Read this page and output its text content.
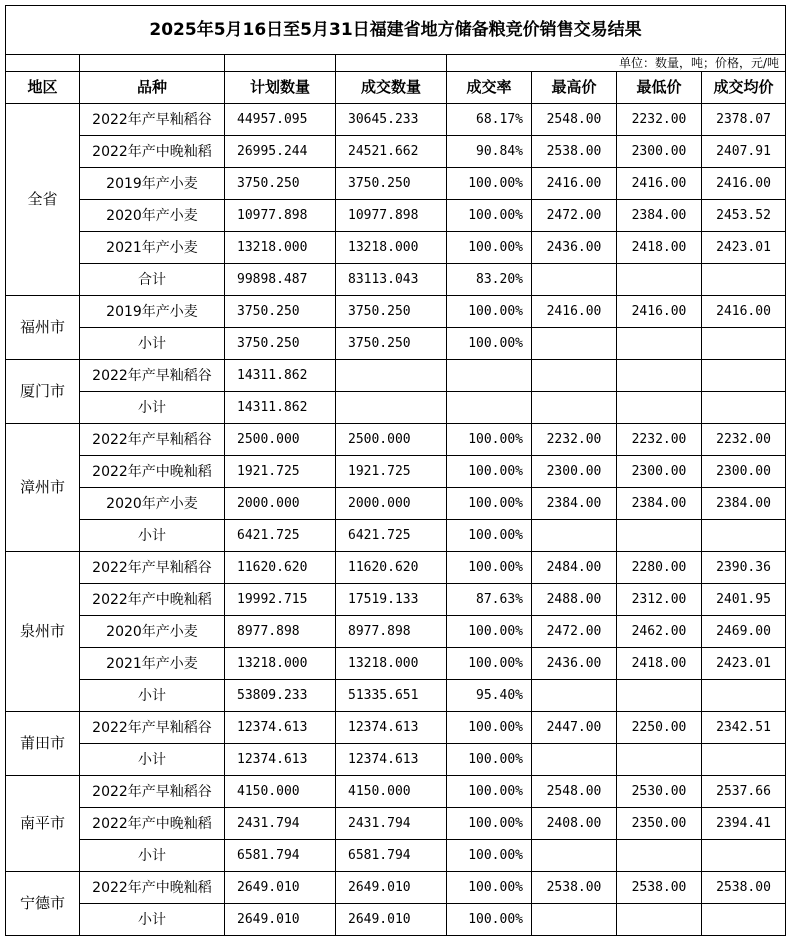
2025年5月16日至5月31日福建省地方储备粮竞价销售交易结果							
				单位：数量，吨；价格，元/吨			
地区	品种	计划数量	成交数量	成交率	最高价	最低价	成交均价
全省	2022年产早籼稻谷	44957.095	30645.233	68.17%	2548.00	2232.00	2378.07
	2022年产中晚籼稻	26995.244	24521.662	90.84%	2538.00	2300.00	2407.91
	2019年产小麦	3750.250	3750.250	100.00%	2416.00	2416.00	2416.00
	2020年产小麦	10977.898	10977.898	100.00%	2472.00	2384.00	2453.52
	2021年产小麦	13218.000	13218.000	100.00%	2436.00	2418.00	2423.01
	合计	99898.487	83113.043	83.20%			
福州市	2019年产小麦	3750.250	3750.250	100.00%	2416.00	2416.00	2416.00
	小计	3750.250	3750.250	100.00%			
厦门市	2022年产早籼稻谷	14311.862					
	小计	14311.862					
漳州市	2022年产早籼稻谷	2500.000	2500.000	100.00%	2232.00	2232.00	2232.00
	2022年产中晚籼稻	1921.725	1921.725	100.00%	2300.00	2300.00	2300.00
	2020年产小麦	2000.000	2000.000	100.00%	2384.00	2384.00	2384.00
	小计	6421.725	6421.725	100.00%			
泉州市	2022年产早籼稻谷	11620.620	11620.620	100.00%	2484.00	2280.00	2390.36
	2022年产中晚籼稻	19992.715	17519.133	87.63%	2488.00	2312.00	2401.95
	2020年产小麦	8977.898	8977.898	100.00%	2472.00	2462.00	2469.00
	2021年产小麦	13218.000	13218.000	100.00%	2436.00	2418.00	2423.01
	小计	53809.233	51335.651	95.40%			
莆田市	2022年产早籼稻谷	12374.613	12374.613	100.00%	2447.00	2250.00	2342.51
	小计	12374.613	12374.613	100.00%			
南平市	2022年产早籼稻谷	4150.000	4150.000	100.00%	2548.00	2530.00	2537.66
	2022年产中晚籼稻	2431.794	2431.794	100.00%	2408.00	2350.00	2394.41
	小计	6581.794	6581.794	100.00%			
宁德市	2022年产中晚籼稻	2649.010	2649.010	100.00%	2538.00	2538.00	2538.00
	小计	2649.010	2649.010	100.00%			
